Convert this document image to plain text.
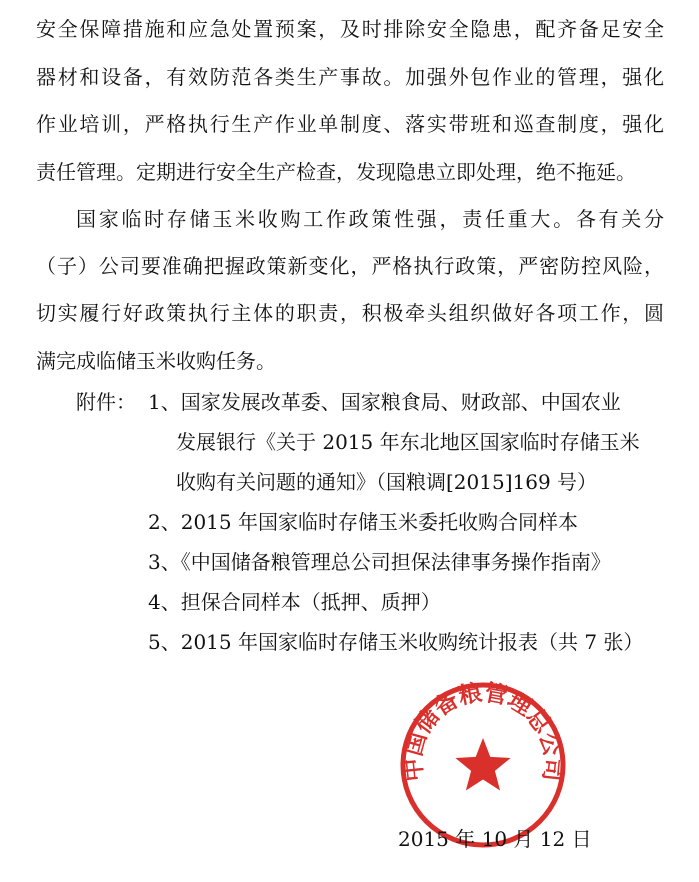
安全保障措施和应急处置预案，及时排除安全隐患，配齐备足安全
器材和设备，有效防范各类生产事故。加强外包作业的管理，强化
作业培训，严格执行生产作业单制度、落实带班和巡查制度，强化
责任管理。定期进行安全生产检查，发现隐患立即处理，绝不拖延。
国家临时存储玉米收购工作政策性强，责任重大。各有关分
（子）公司要准确把握政策新变化，严格执行政策，严密防控风险，
切实履行好政策执行主体的职责，积极牵头组织做好各项工作，圆
满完成临储玉米收购任务。
附件： 1、国家发展改革委、国家粮食局、财政部、中国农业
发展银行《关于 2015 年东北地区国家临时存储玉米
收购有关问题的通知》（国粮调[2015]169 号）
2、2015 年国家临时存储玉米委托收购合同样本
3、《中国储备粮管理总公司担保法律事务操作指南》
4、担保合同样本（抵押、质押）
5、2015 年国家临时存储玉米收购统计报表（共 7 张）
中国储备粮管理总公司
2015 年 10 月 12 日
